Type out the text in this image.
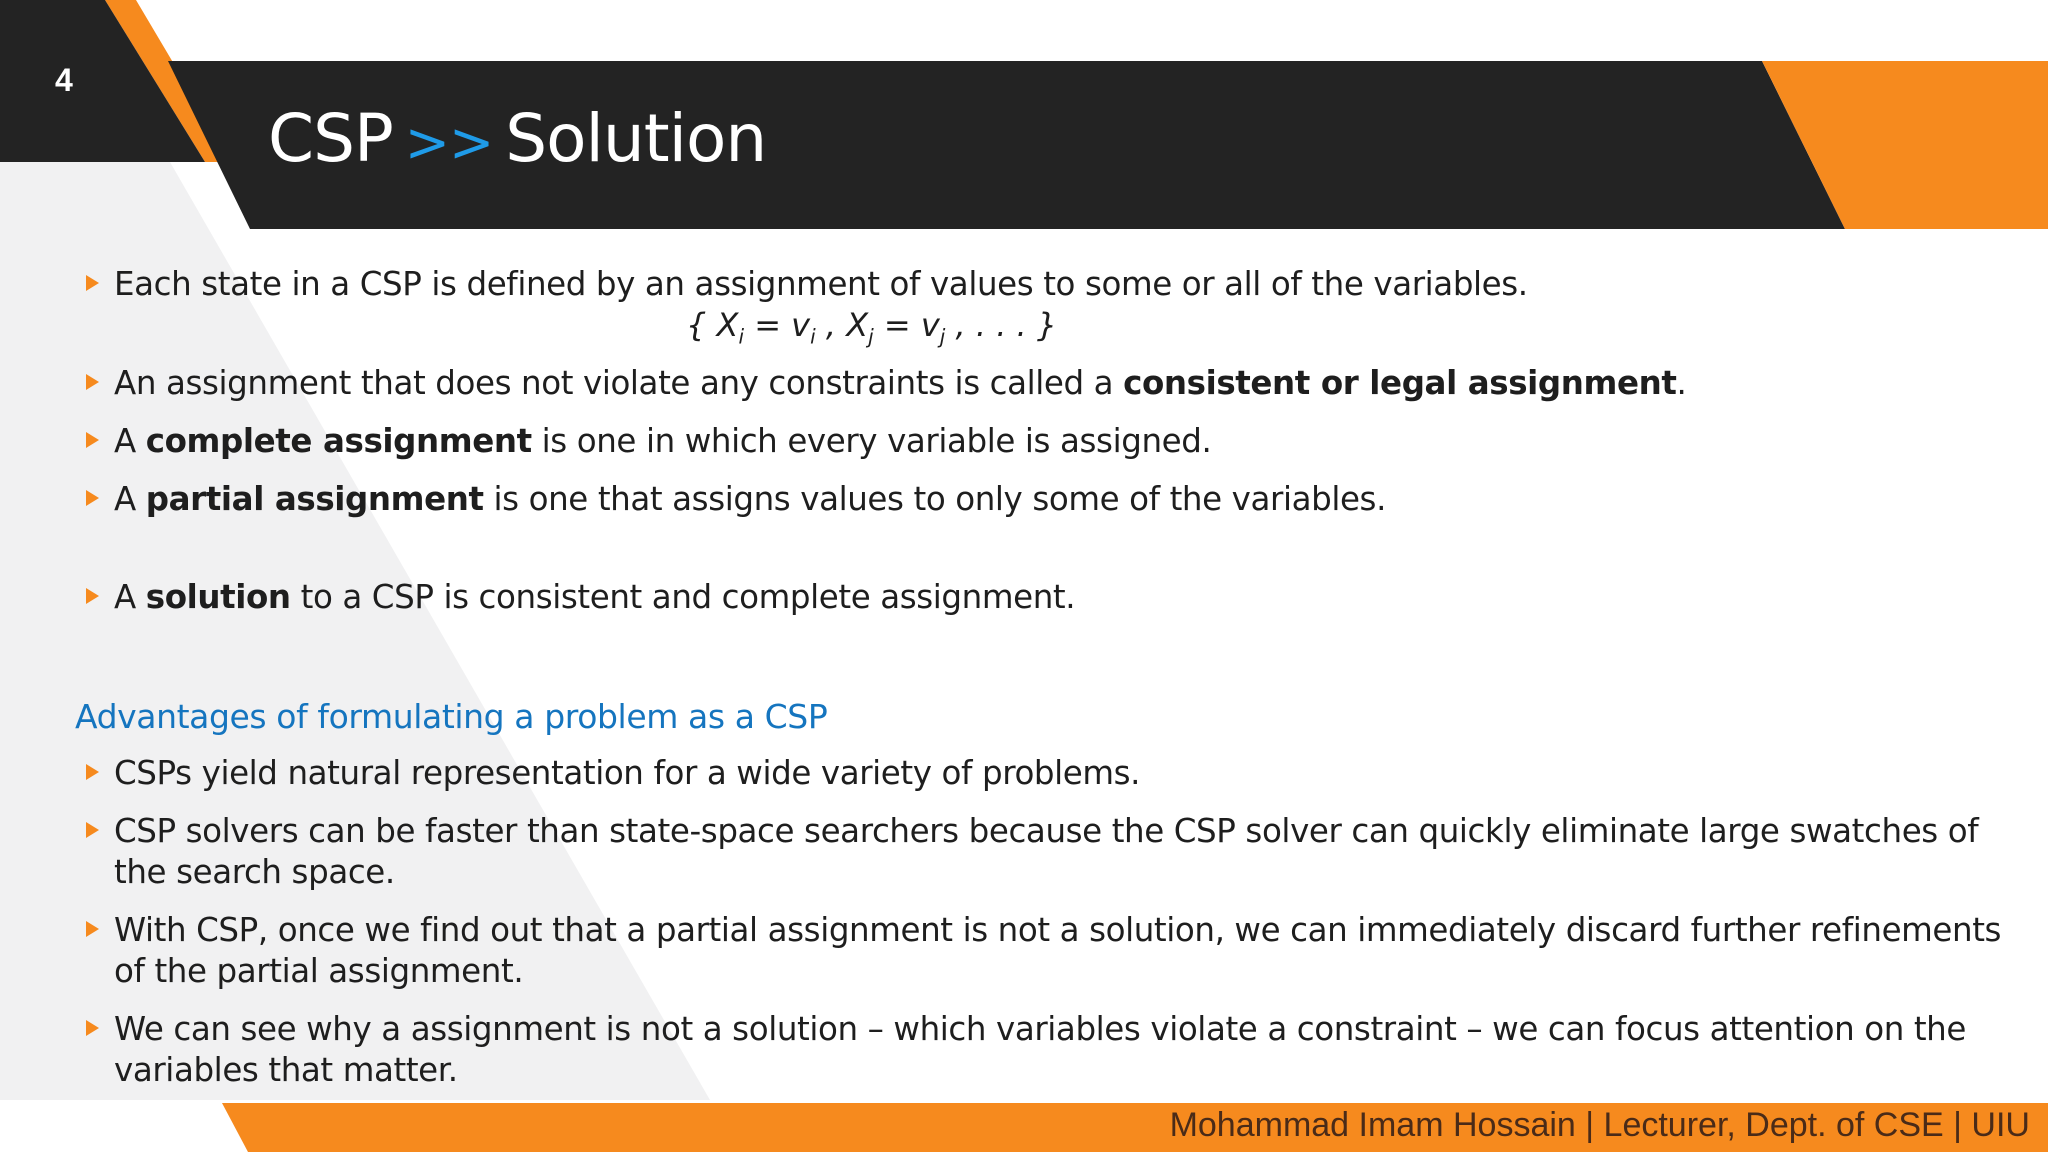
4
CSP >> Solution
Each state in a CSP is defined by an assignment of values to some or all of the variables.
An assignment that does not violate any constraints is called a consistent or legal assignment.
A complete assignment is one in which every variable is assigned.
A partial assignment is one that assigns values to only some of the variables.
A solution to a CSP is consistent and complete assignment.
{ $X_i = v_i$ , $X_j = v_j$ , . . . }
Advantages of formulating a problem as a CSP
CSPs yield natural representation for a wide variety of problems.
CSP solvers can be faster than state-space searchers because the CSP solver can quickly eliminate large swatches of the search space.
With CSP, once we find out that a partial assignment is not a solution, we can immediately discard further refinements of the partial assignment.
We can see why a assignment is not a solution – which variables violate a constraint – we can focus attention on the variables that matter.
Mohammad Imam Hossain | Lecturer, Dept. of CSE | UIU
